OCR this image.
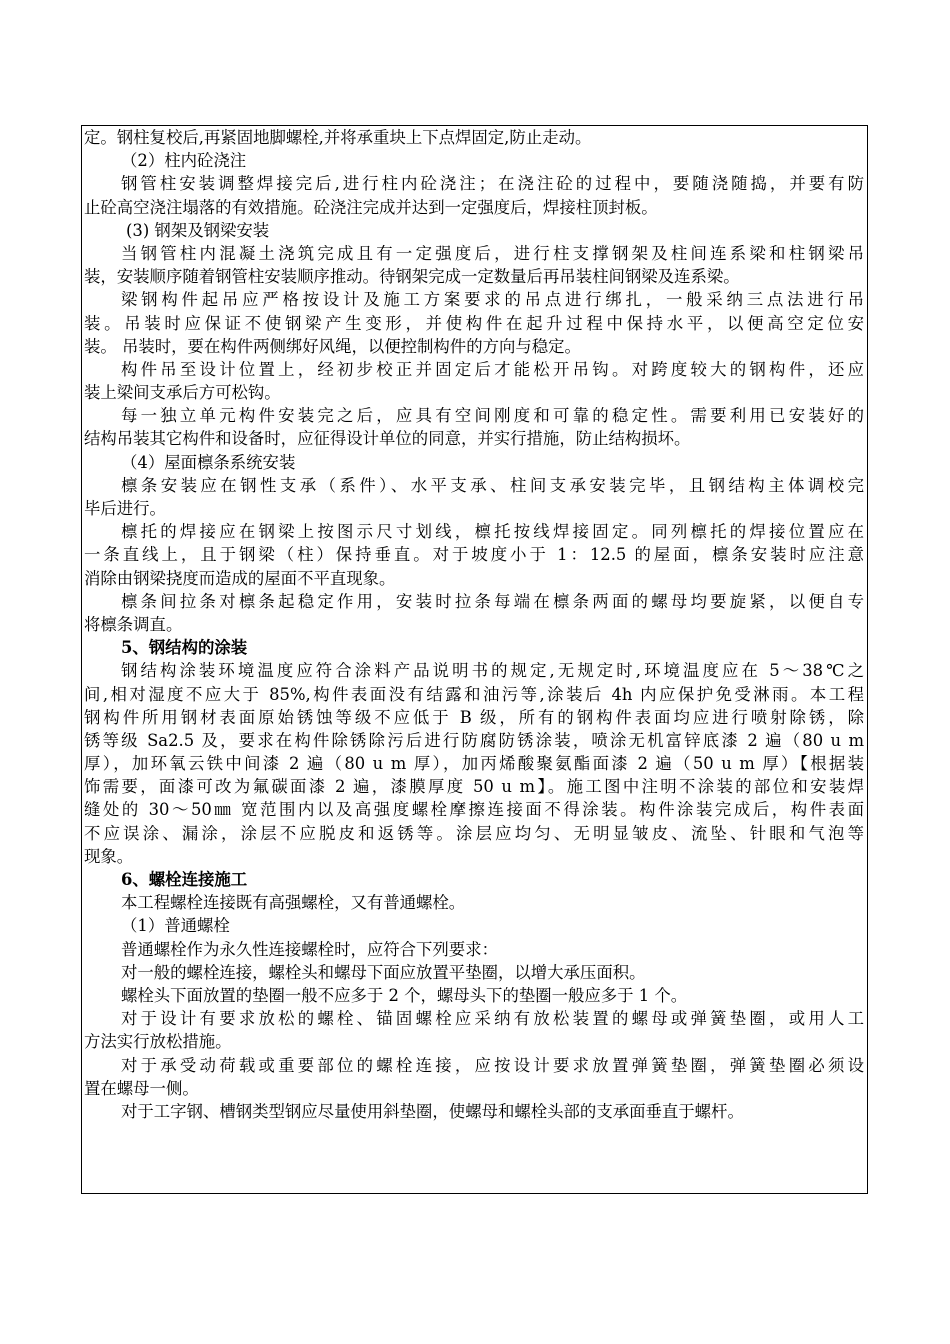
定。钢柱复校后,再紧固地脚螺栓,并将承重块上下点焊固定,防止走动。
（2）柱内砼浇注
钢管柱安装调整焊接完后,进行柱内砼浇注；在浇注砼的过程中，要随浇随捣，并要有防
止砼高空浇注塌落的有效措施。砼浇注完成并达到一定强度后，焊接柱顶封板。
(3) 钢架及钢梁安装
当钢管柱内混凝土浇筑完成且有一定强度后，进行柱支撑钢架及柱间连系梁和柱钢梁吊
装，安装顺序随着钢管柱安装顺序推动。待钢架完成一定数量后再吊装柱间钢梁及连系梁。
梁钢构件起吊应严格按设计及施工方案要求的吊点进行绑扎，一般采纳三点法进行吊
装。吊装时应保证不使钢梁产生变形，并使构件在起升过程中保持水平，以便高空定位安
装。 吊装时，要在构件两侧绑好风绳，以便控制构件的方向与稳定。
构件吊至设计位置上，经初步校正并固定后才能松开吊钩。对跨度较大的钢构件，还应
装上梁间支承后方可松钩。
每一独立单元构件安装完之后，应具有空间刚度和可靠的稳定性。需要利用已安装好的
结构吊装其它构件和设备时，应征得设计单位的同意，并实行措施，防止结构损坏。
（4）屋面檩条系统安装
檩条安装应在钢性支承（系件）、水平支承、柱间支承安装完毕，且钢结构主体调校完
毕后进行。
檩托的焊接应在钢梁上按图示尺寸划线，檩托按线焊接固定。同列檩托的焊接位置应在
一条直线上，且于钢梁（柱）保持垂直。对于坡度小于 1：12.5 的屋面，檩条安装时应注意
消除由钢梁挠度而造成的屋面不平直现象。
檩条间拉条对檩条起稳定作用，安装时拉条每端在檩条两面的螺母均要旋紧，以便自专
将檩条调直。
5、钢结构的涂装
钢结构涂装环境温度应符合涂料产品说明书的规定,无规定时,环境温度应在 5～38℃之
间,相对湿度不应大于 85%,构件表面没有结露和油污等,涂装后 4h 内应保护免受淋雨。本工程
钢构件所用钢材表面原始锈蚀等级不应低于 B 级，所有的钢构件表面均应进行喷射除锈，除
锈等级 Sa2.5 及，要求在构件除锈除污后进行防腐防锈涂装，喷涂无机富锌底漆 2 遍（80 u m
厚），加环氧云铁中间漆 2 遍（80 u m 厚），加丙烯酸聚氨酯面漆 2 遍（50 u m 厚）【根据装
饰需要，面漆可改为氟碳面漆 2 遍，漆膜厚度 50 u m】。施工图中注明不涂装的部位和安装焊
缝处的 30～50㎜ 宽范围内以及高强度螺栓摩擦连接面不得涂装。构件涂装完成后，构件表面
不应误涂、漏涂，涂层不应脱皮和返锈等。涂层应均匀、无明显皱皮、流坠、针眼和气泡等
现象。
6、螺栓连接施工
本工程螺栓连接既有高强螺栓，又有普通螺栓。
（1）普通螺栓
普通螺栓作为永久性连接螺栓时，应符合下列要求：
对一般的螺栓连接，螺栓头和螺母下面应放置平垫圈，以增大承压面积。
螺栓头下面放置的垫圈一般不应多于 2 个，螺母头下的垫圈一般应多于 1 个。
对于设计有要求放松的螺栓、锚固螺栓应采纳有放松装置的螺母或弹簧垫圈，或用人工
方法实行放松措施。
对于承受动荷载或重要部位的螺栓连接，应按设计要求放置弹簧垫圈，弹簧垫圈必须设
置在螺母一侧。
对于工字钢、槽钢类型钢应尽量使用斜垫圈，使螺母和螺栓头部的支承面垂直于螺杆。
